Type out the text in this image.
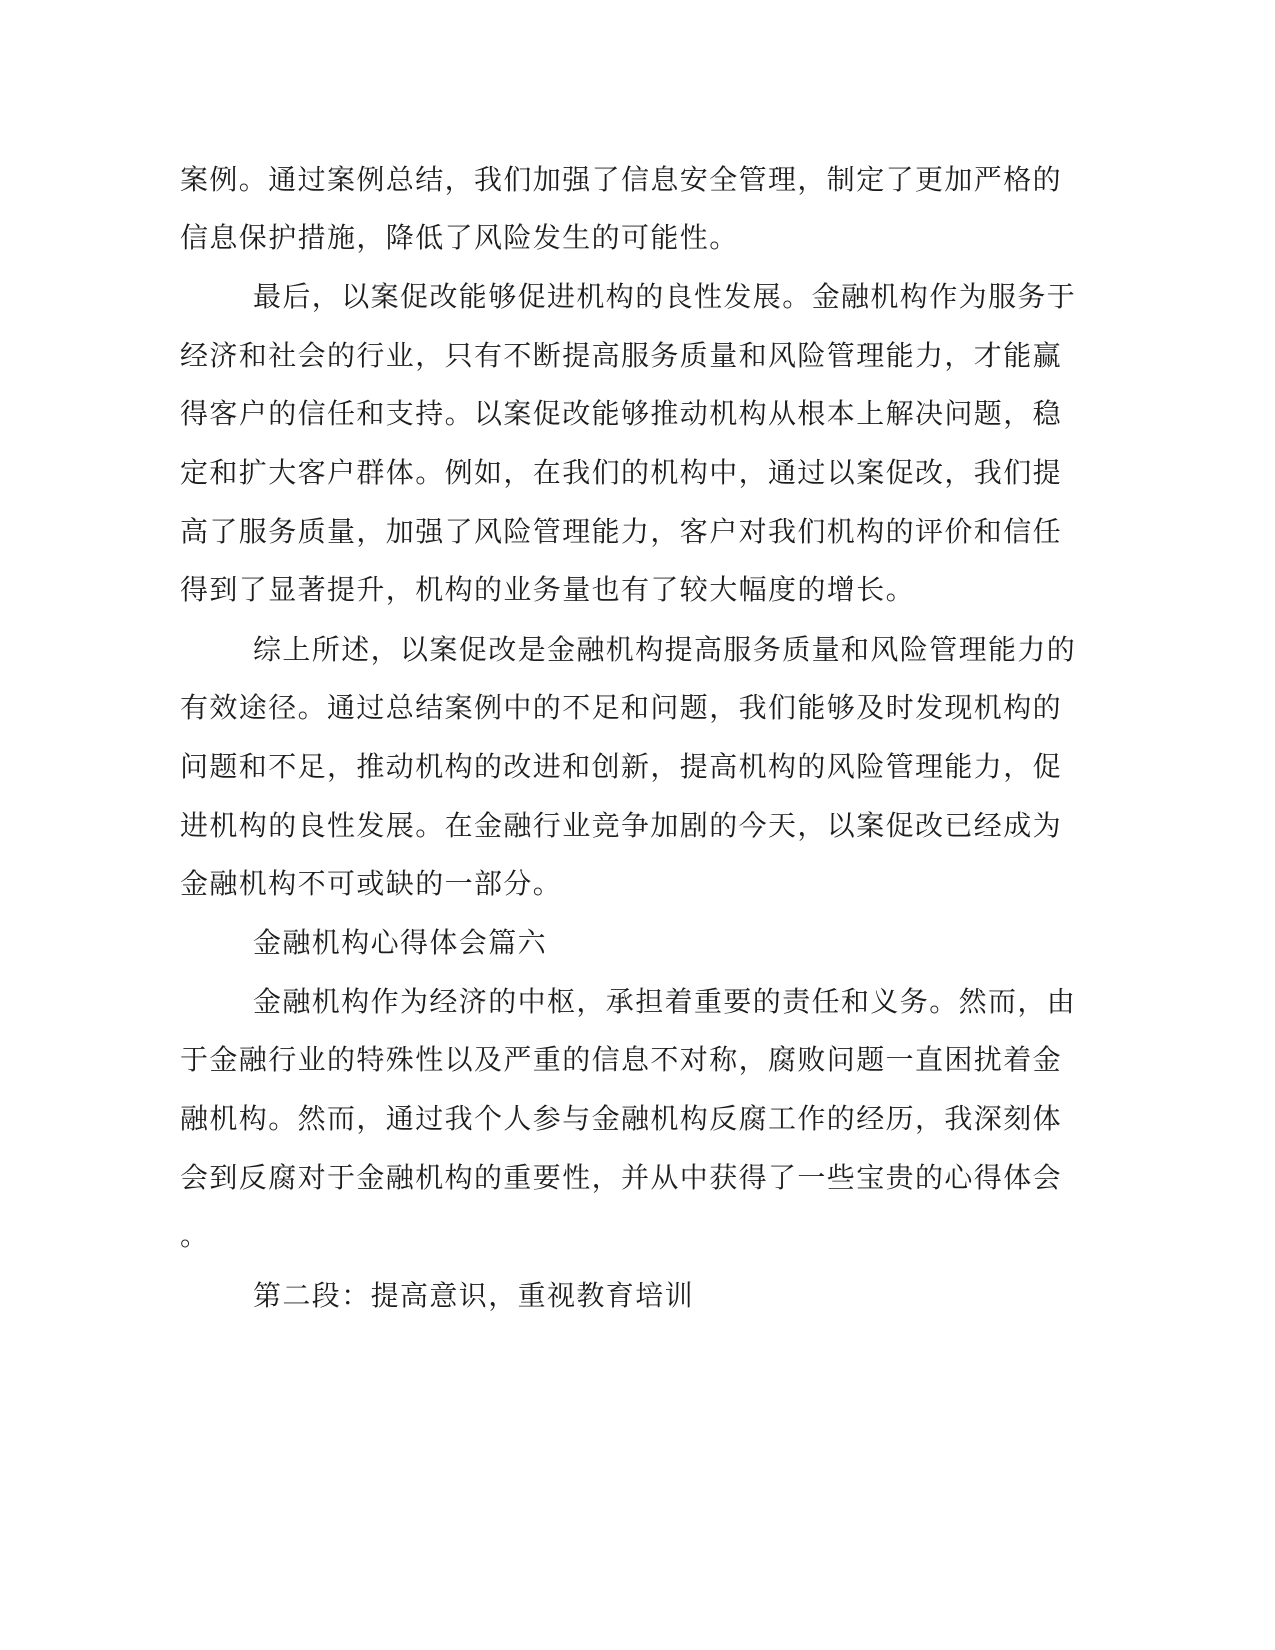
案例。通过案例总结，我们加强了信息安全管理，制定了更加严格的
信息保护措施，降低了风险发生的可能性。
最后，以案促改能够促进机构的良性发展。金融机构作为服务于
经济和社会的行业，只有不断提高服务质量和风险管理能力，才能赢
得客户的信任和支持。以案促改能够推动机构从根本上解决问题，稳
定和扩大客户群体。例如，在我们的机构中，通过以案促改，我们提
高了服务质量，加强了风险管理能力，客户对我们机构的评价和信任
得到了显著提升，机构的业务量也有了较大幅度的增长。
综上所述，以案促改是金融机构提高服务质量和风险管理能力的
有效途径。通过总结案例中的不足和问题，我们能够及时发现机构的
问题和不足，推动机构的改进和创新，提高机构的风险管理能力，促
进机构的良性发展。在金融行业竞争加剧的今天，以案促改已经成为
金融机构不可或缺的一部分。
金融机构心得体会篇六
金融机构作为经济的中枢，承担着重要的责任和义务。然而，由
于金融行业的特殊性以及严重的信息不对称，腐败问题一直困扰着金
融机构。然而，通过我个人参与金融机构反腐工作的经历，我深刻体
会到反腐对于金融机构的重要性，并从中获得了一些宝贵的心得体会
。
第二段：提高意识，重视教育培训
